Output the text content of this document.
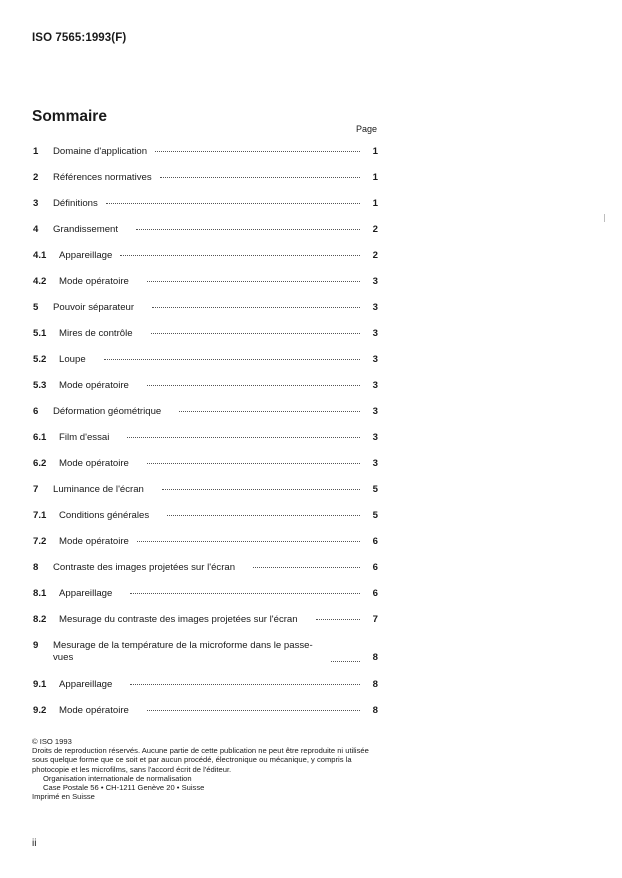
ISO 7565:1993(F)
Sommaire
Page
1	Domaine d'application	1
2	Références normatives	1
3	Définitions	1
4	Grandissement	2
4.1	Appareillage	2
4.2	Mode opératoire	3
5	Pouvoir séparateur	3
5.1	Mires de contrôle	3
5.2	Loupe	3
5.3	Mode opératoire	3
6	Déformation géométrique	3
6.1	Film d'essai	3
6.2	Mode opératoire	3
7	Luminance de l'écran	5
7.1	Conditions générales	5
7.2	Mode opératoire	6
8	Contraste des images projetées sur l'écran	6
8.1	Appareillage	6
8.2	Mesurage du contraste des images projetées sur l'écran	7
9	Mesurage de la température de la microforme dans le passe-vues	8
9.1	Appareillage	8
9.2	Mode opératoire	8
© ISO 1993
Droits de reproduction réservés. Aucune partie de cette publication ne peut être reproduite ni utilisée sous quelque forme que ce soit et par aucun procédé, électronique ou mécanique, y compris la photocopie et les microfilms, sans l'accord écrit de l'éditeur.
Organisation internationale de normalisation
Case Postale 56 • CH-1211 Genève 20 • Suisse
Imprimé en Suisse
ii
